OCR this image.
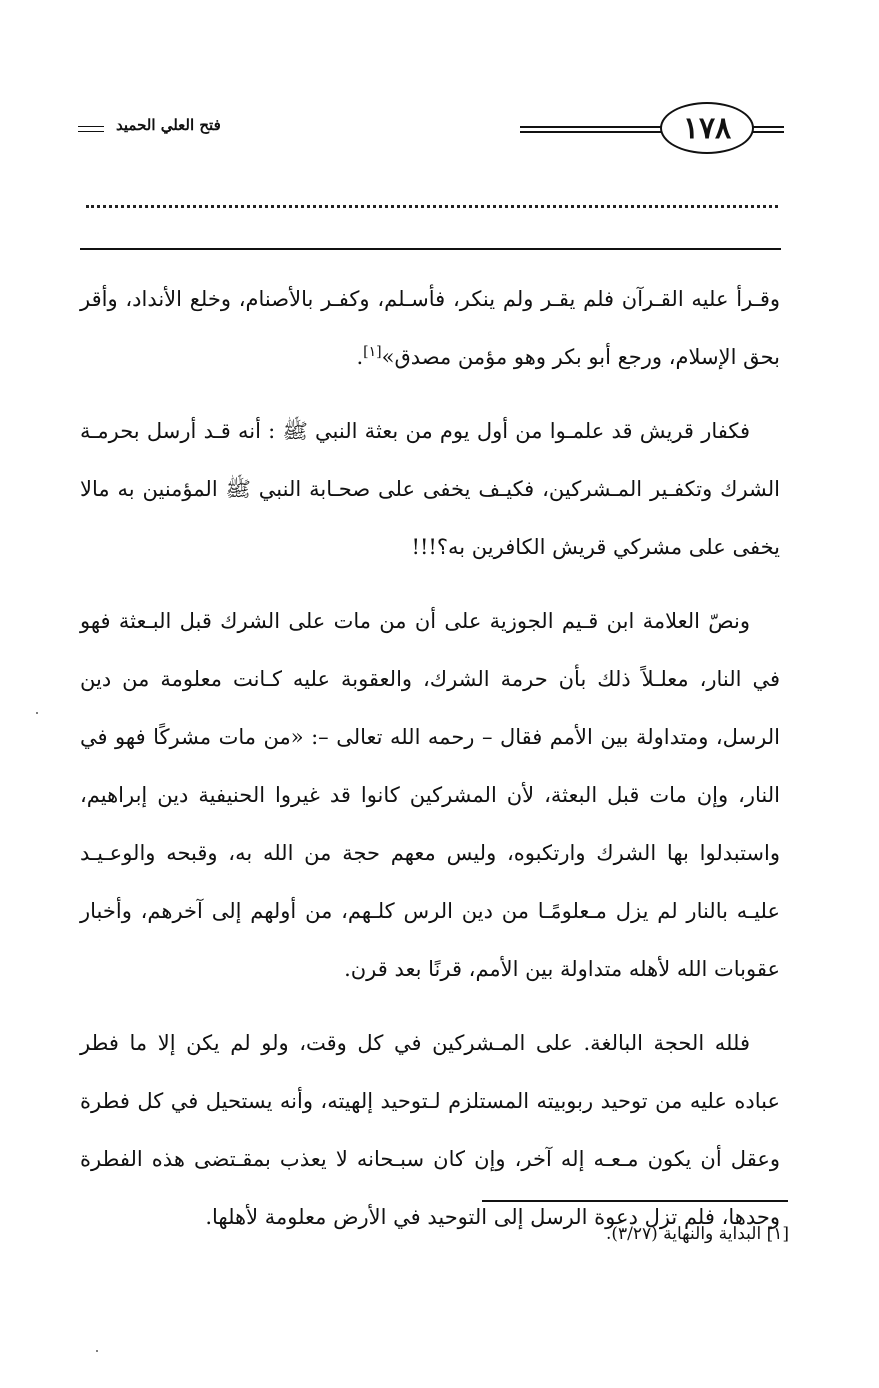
فتح العلي الحميد	١٧٨

وقـرأ عليه القـرآن فلم يقـر ولم ينكر، فأسـلم، وكفـر بالأصنام، وخلع الأنداد، وأقر بحق الإسلام، ورجع أبو بكر وهو مؤمن مصدق»[١].

فكفار قريش قد علمـوا من أول يوم من بعثة النبي ﷺ : أنه قـد أرسل بحرمـة الشرك وتكفـير المـشركين، فكيـف يخفى على صحـابة النبي ﷺ المؤمنين به مالا يخفى على مشركي قريش الكافرين به؟!!!

ونصّ العلامة ابن قـيم الجوزية على أن من مات على الشرك قبل البـعثة فهو في النار، معلـلاً ذلك بأن حرمة الشرك، والعقوبة عليه كـانت معلومة من دين الرسل، ومتداولة بين الأمم فقال – رحمه الله تعالى –: «من مات مشركًا فهو في النار، وإن مات قبل البعثة، لأن المشركين كانوا قد غيروا الحنيفية دين إبراهيم، واستبدلوا بها الشرك وارتكبوه، وليس معهم حجة من الله به، وقبحه والوعـيـد عليـه بالنار لم يزل مـعلومًـا من دين الرس كلـهم، من أولهم إلى آخرهم، وأخبار عقوبات الله لأهله متداولة بين الأمم، قرنًا بعد قرن.

فلله الحجة البالغة. على المـشركين في كل وقت، ولو لم يكن إلا ما فطر عباده عليه من توحيد ربوبيته المستلزم لـتوحيد إلهيته، وأنه يستحيل في كل فطرة وعقل أن يكون مـعـه إله آخر، وإن كان سبـحانه لا يعذب بمقـتضى هذه الفطرة وحدها، فلم تزل دعوة الرسل إلى التوحيد في الأرض معلومة لأهلها.

[١] البداية والنهاية (٣/٢٧).
